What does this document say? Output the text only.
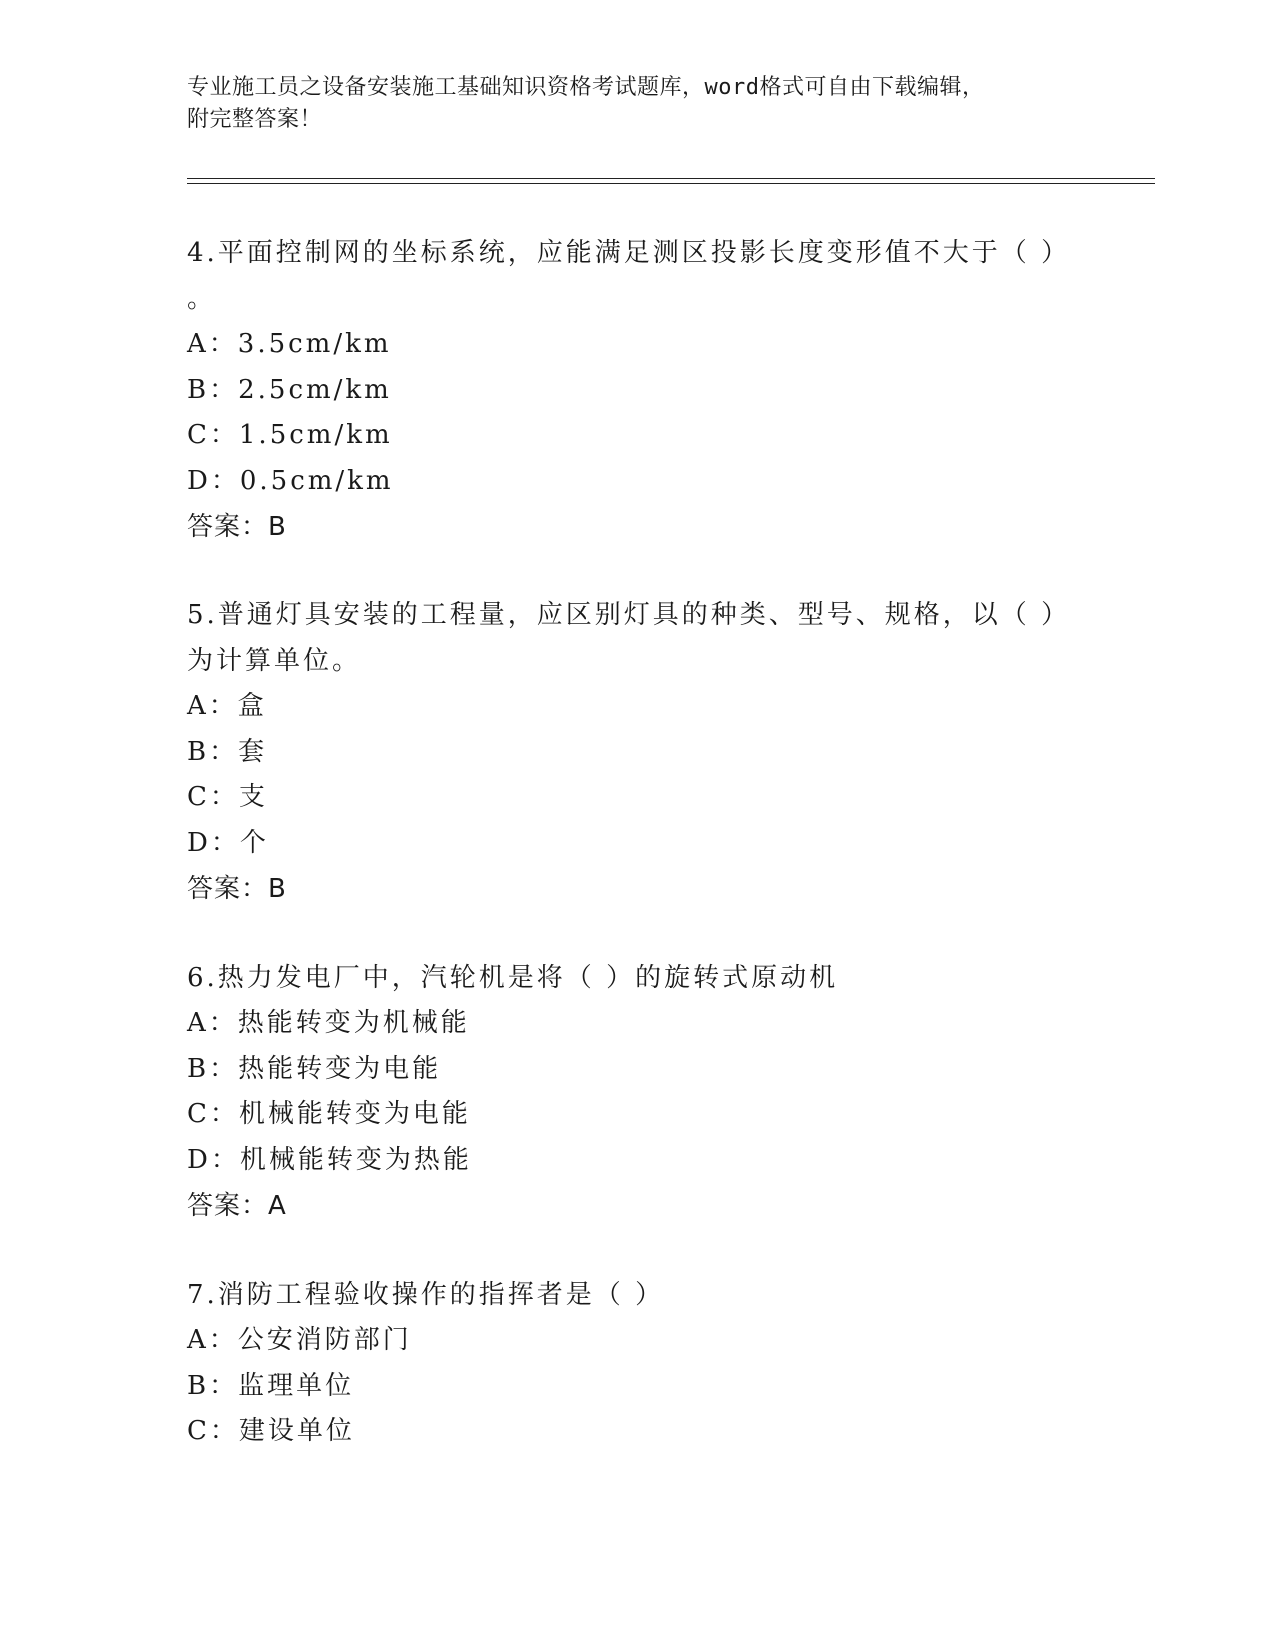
专业施工员之设备安装施工基础知识资格考试题库，word格式可自由下载编辑，
附完整答案！
4.平面控制网的坐标系统，应能满足测区投影长度变形值不大于（ ）
。
A：3.5cm/km
B：2.5cm/km
C：1.5cm/km
D：0.5cm/km
答案：B
5.普通灯具安装的工程量，应区别灯具的种类、型号、规格，以（ ）
为计算单位。
A：盒
B：套
C：支
D：个
答案：B
6.热力发电厂中，汽轮机是将（ ）的旋转式原动机
A：热能转变为机械能
B：热能转变为电能
C：机械能转变为电能
D：机械能转变为热能
答案：A
7.消防工程验收操作的指挥者是（ ）
A：公安消防部门
B：监理单位
C：建设单位
